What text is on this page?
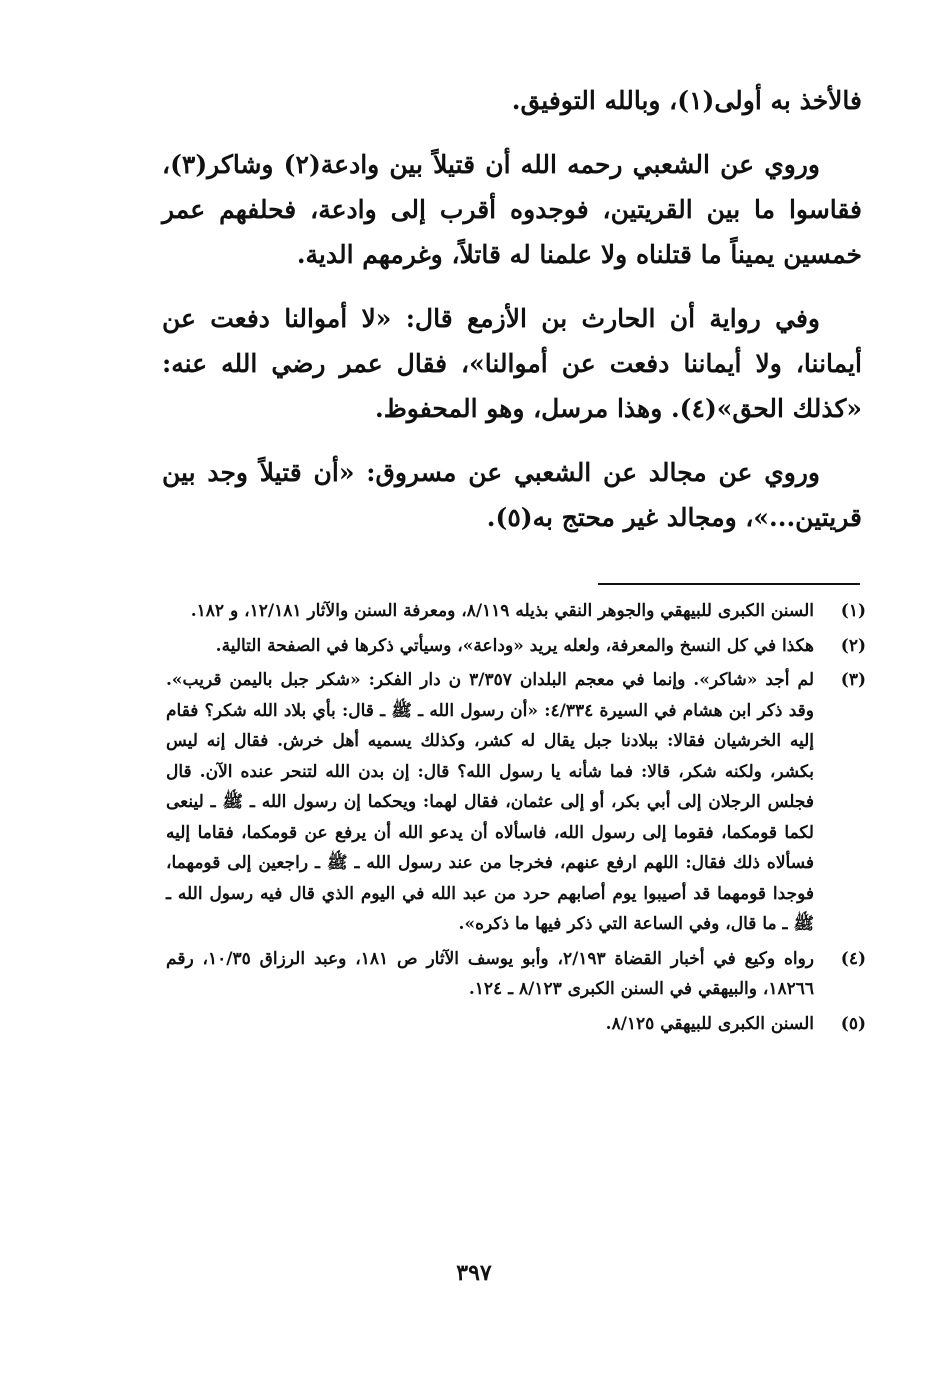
فالأخذ به أولى(١)، وبالله التوفيق.

وروي عن الشعبي رحمه الله أن قتيلاً بين وادعة(٢) وشاكر(٣)، فقاسوا ما بين القريتين، فوجدوه أقرب إلى وادعة، فحلفهم عمر خمسين يميناً ما قتلناه ولا علمنا له قاتلاً، وغرمهم الدية.

وفي رواية أن الحارث بن الأزمع قال: «لا أموالنا دفعت عن أيماننا، ولا أيماننا دفعت عن أموالنا»، فقال عمر رضي الله عنه: «كذلك الحق»(٤). وهذا مرسل، وهو المحفوظ.

وروي عن مجالد عن الشعبي عن مسروق: «أن قتيلاً وجد بين قريتين...»، ومجالد غير محتج به(٥).

(١)
السنن الكبرى للبيهقي والجوهر النقي بذيله ٨/١١٩، ومعرفة السنن والآثار ١٢/١٨١، و ١٨٢.
(٢)
هكذا في كل النسخ والمعرفة، ولعله يريد «وداعة»، وسيأتي ذكرها في الصفحة التالية.
(٣)
لم أجد «شاكر». وإنما في معجم البلدان ٣/٣٥٧ ن دار الفكر: «شكر جبل باليمن قريب». وقد ذكر ابن هشام في السيرة ٤/٣٣٤: «أن رسول الله ـ ﷺ ـ قال: بأي بلاد الله شكر؟ فقام إليه الخرشيان فقالا: ببلادنا جبل يقال له كشر، وكذلك يسميه أهل خرش. فقال إنه ليس بكشر، ولكنه شكر، قالا: فما شأنه يا رسول الله؟ قال: إن بدن الله لتنحر عنده الآن. قال فجلس الرجلان إلى أبي بكر، أو إلى عثمان، فقال لهما: ويحكما إن رسول الله ـ ﷺ ـ لينعى لكما قومكما، فقوما إلى رسول الله، فاسألاه أن يدعو الله أن يرفع عن قومكما، فقاما إليه فسألاه ذلك فقال: اللهم ارفع عنهم، فخرجا من عند رسول الله ـ ﷺ ـ راجعين إلى قومهما، فوجدا قومهما قد أصيبوا يوم أصابهم حرد من عبد الله في اليوم الذي قال فيه رسول الله ـ ﷺ ـ ما قال، وفي الساعة التي ذكر فيها ما ذكره».
(٤)
رواه وكيع في أخبار القضاة ٢/١٩٣، وأبو يوسف الآثار ص ١٨١، وعبد الرزاق ١٠/٣٥، رقم ١٨٢٦٦، والبيهقي في السنن الكبرى ٨/١٢٣ ـ ١٢٤.
(٥)
السنن الكبرى للبيهقي ٨/١٢٥.
٣٩٧
